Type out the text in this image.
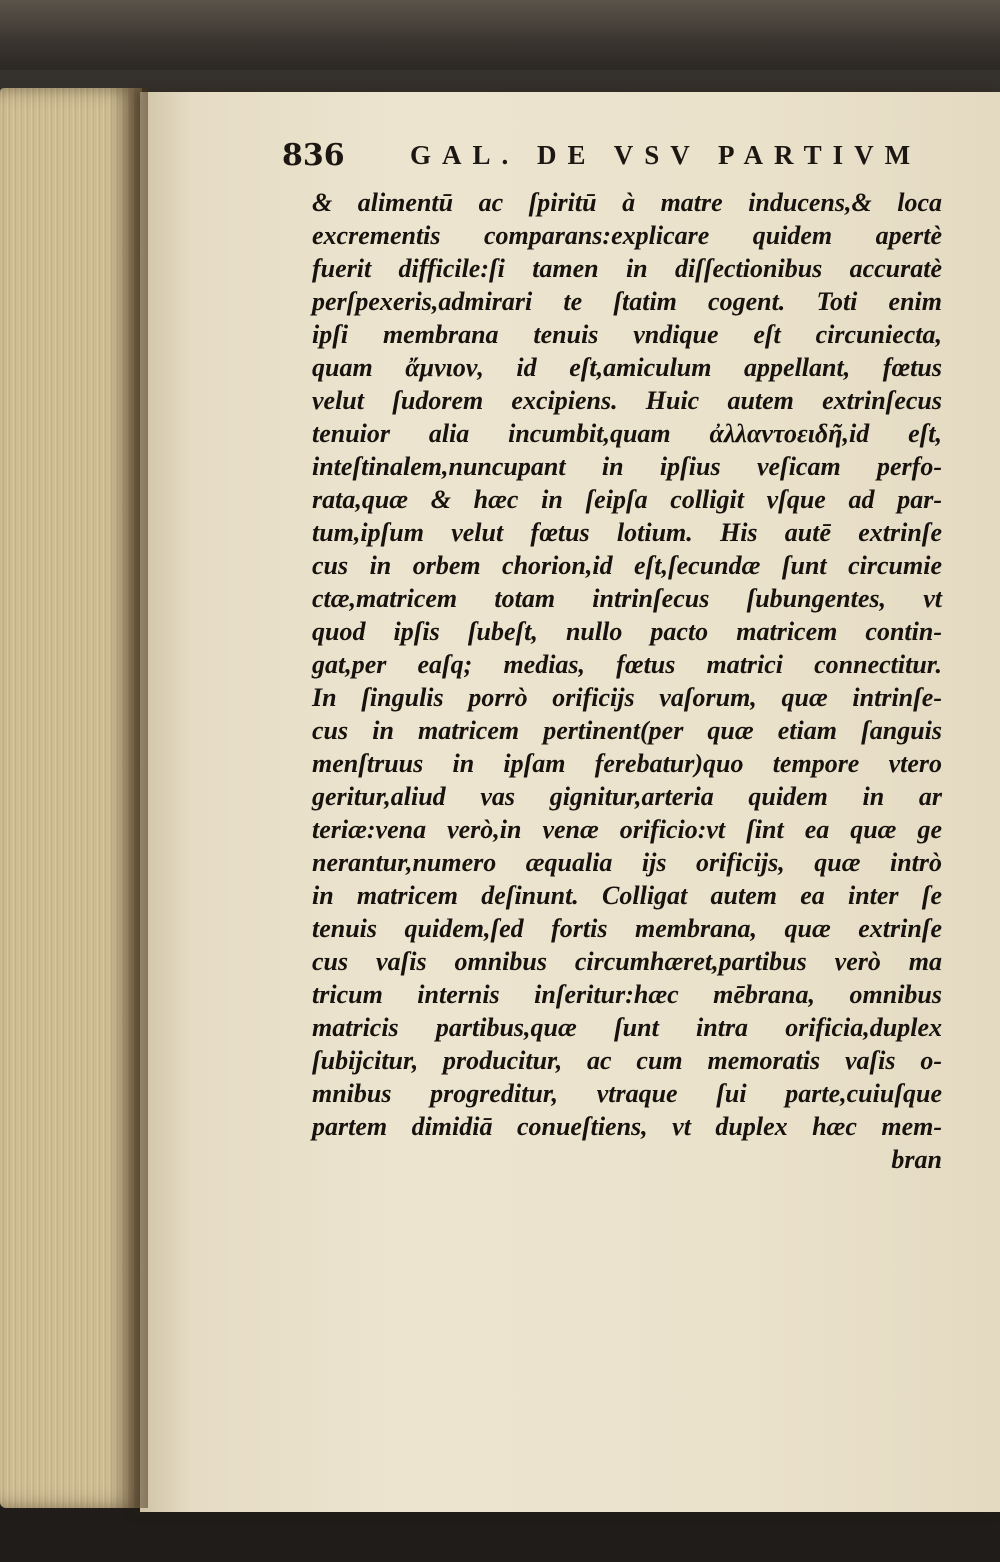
836 GAL. DE VSV PARTIVM
& alimentū ac ſpiritū à matre inducens,& loca
excrementis comparans:explicare quidem apertè
fuerit difficile:ſi tamen in diſſectionibus accuratè
perſpexeris,admirari te ſtatim cogent. Toti enim
ipſi membrana tenuis vndique eſt circuniecta,
quam ἄμνιον, id eſt,amiculum appellant, fœtus
velut ſudorem excipiens. Huic autem extrinſecus
tenuior alia incumbit,quam ἀλλαντοειδῆ,id eſt,
inteſtinalem,nuncupant in ipſius veſicam perfo-
rata,quæ & hæc in ſeipſa colligit vſque ad par-
tum,ipſum velut fœtus lotium. His autē extrinſe
cus in orbem chorion,id eſt,ſecundæ ſunt circumie
ctæ,matricem totam intrinſecus ſubungentes, vt
quod ipſis ſubeſt, nullo pacto matricem contin-
gat,per eaſq; medias, fœtus matrici connectitur.
In ſingulis porrò orificijs vaſorum, quæ intrinſe-
cus in matricem pertinent(per quæ etiam ſanguis
menſtruus in ipſam ferebatur)quo tempore vtero
geritur,aliud vas gignitur,arteria quidem in ar
teriæ:vena verò,in venæ orificio:vt ſint ea quæ ge
nerantur,numero æqualia ijs orificijs, quæ intrò
in matricem deſinunt. Colligat autem ea inter ſe
tenuis quidem,ſed fortis membrana, quæ extrinſe
cus vaſis omnibus circumhæret,partibus verò ma
tricum internis inſeritur:hæc mēbrana, omnibus
matricis partibus,quæ ſunt intra orificia,duplex
ſubijcitur, producitur, ac cum memoratis vaſis o-
mnibus progreditur, vtraque ſui parte,cuiuſque
partem dimidiā conueſtiens, vt duplex hæc mem-
bran
